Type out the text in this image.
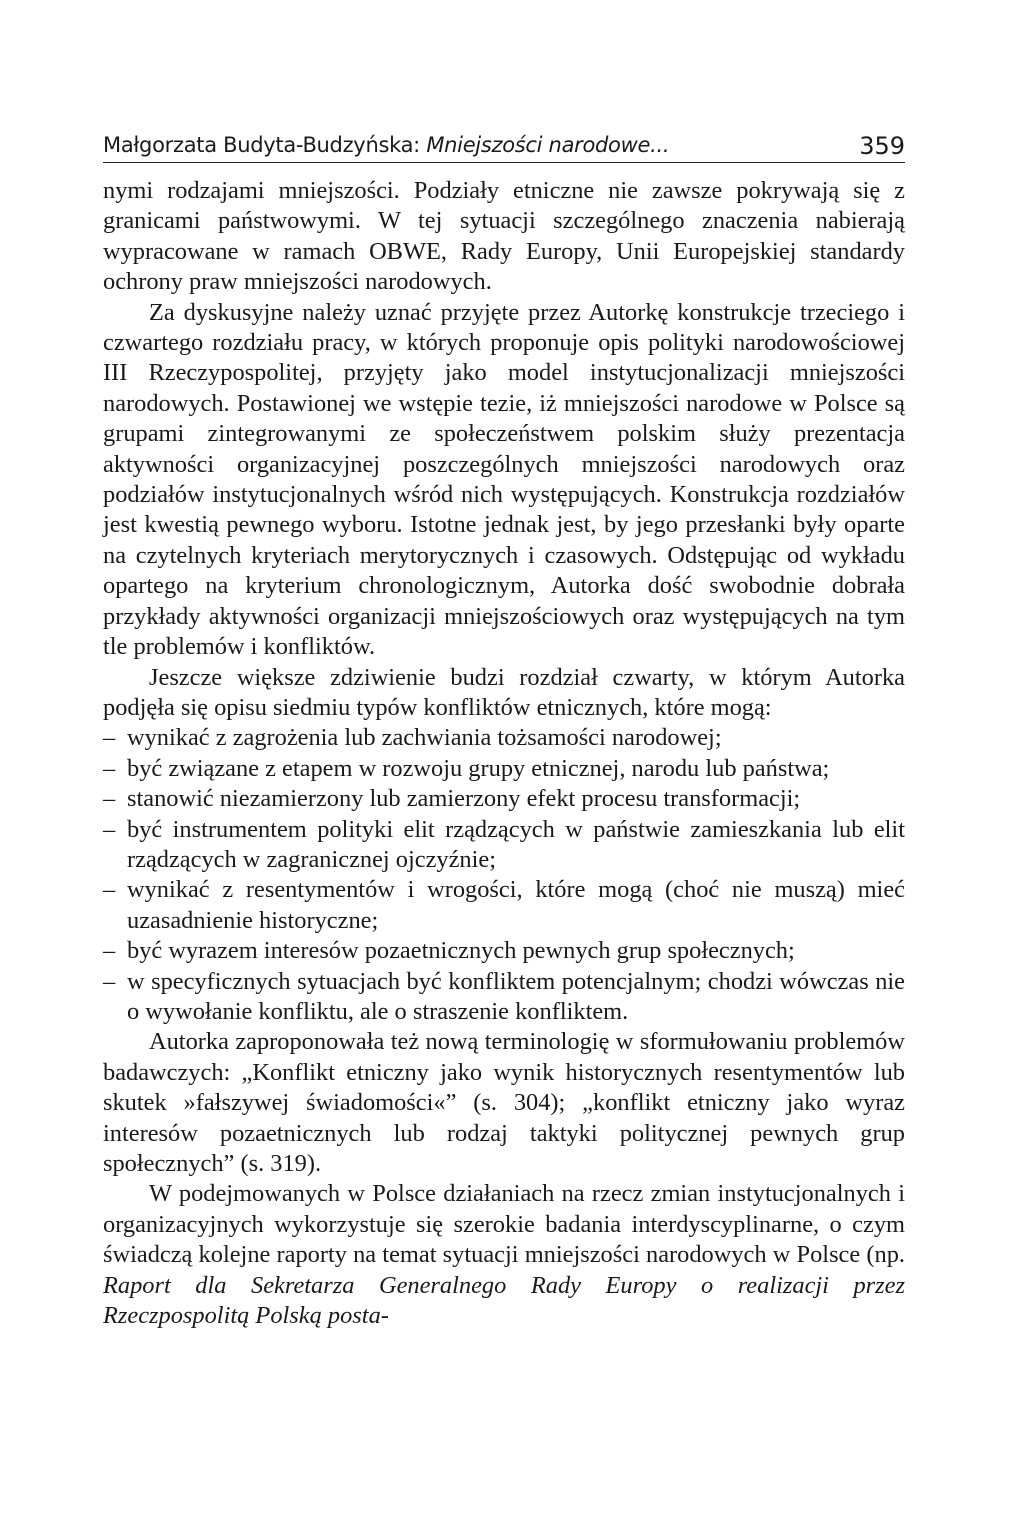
Małgorzata Budyta-Budzyńska: Mniejszości narodowe...	359

nymi rodzajami mniejszości. Podziały etniczne nie zawsze pokrywają się z granicami państwowymi. W tej sytuacji szczególnego znaczenia nabierają wypracowane w ramach OBWE, Rady Europy, Unii Europejskiej standardy ochrony praw mniejszości narodowych.

Za dyskusyjne należy uznać przyjęte przez Autorkę konstrukcje trzeciego i czwartego rozdziału pracy, w których proponuje opis polityki narodowościowej III Rzeczypospolitej, przyjęty jako model instytucjonalizacji mniejszości narodowych. Postawionej we wstępie tezie, iż mniejszości narodowe w Polsce są grupami zintegrowanymi ze społeczeństwem polskim służy prezentacja aktywności organizacyjnej poszczególnych mniejszości narodowych oraz podziałów instytucjonalnych wśród nich występujących. Konstrukcja rozdziałów jest kwestią pewnego wyboru. Istotne jednak jest, by jego przesłanki były oparte na czytelnych kryteriach merytorycznych i czasowych. Odstępując od wykładu opartego na kryterium chronologicznym, Autorka dość swobodnie dobrała przykłady aktywności organizacji mniejszościowych oraz występujących na tym tle problemów i konfliktów.

Jeszcze większe zdziwienie budzi rozdział czwarty, w którym Autorka podjęła się opisu siedmiu typów konfliktów etnicznych, które mogą:

– wynikać z zagrożenia lub zachwiania tożsamości narodowej;
– być związane z etapem w rozwoju grupy etnicznej, narodu lub państwa;
– stanowić niezamierzony lub zamierzony efekt procesu transformacji;
– być instrumentem polityki elit rządzących w państwie zamieszkania lub elit rządzących w zagranicznej ojczyźnie;
– wynikać z resentymentów i wrogości, które mogą (choć nie muszą) mieć uzasadnienie historyczne;
– być wyrazem interesów pozaetnicznych pewnych grup społecznych;
– w specyficznych sytuacjach być konfliktem potencjalnym; chodzi wówczas nie o wywołanie konfliktu, ale o straszenie konfliktem.

Autorka zaproponowała też nową terminologię w sformułowaniu problemów badawczych: „Konflikt etniczny jako wynik historycznych resentymentów lub skutek »fałszywej świadomości«” (s. 304); „konflikt etniczny jako wyraz interesów pozaetnicznych lub rodzaj taktyki politycznej pewnych grup społecznych” (s. 319).

W podejmowanych w Polsce działaniach na rzecz zmian instytucjonalnych i organizacyjnych wykorzystuje się szerokie badania interdyscyplinarne, o czym świadczą kolejne raporty na temat sytuacji mniejszości narodowych w Polsce (np. Raport dla Sekretarza Generalnego Rady Europy o realizacji przez Rzeczpospolitą Polską posta-
